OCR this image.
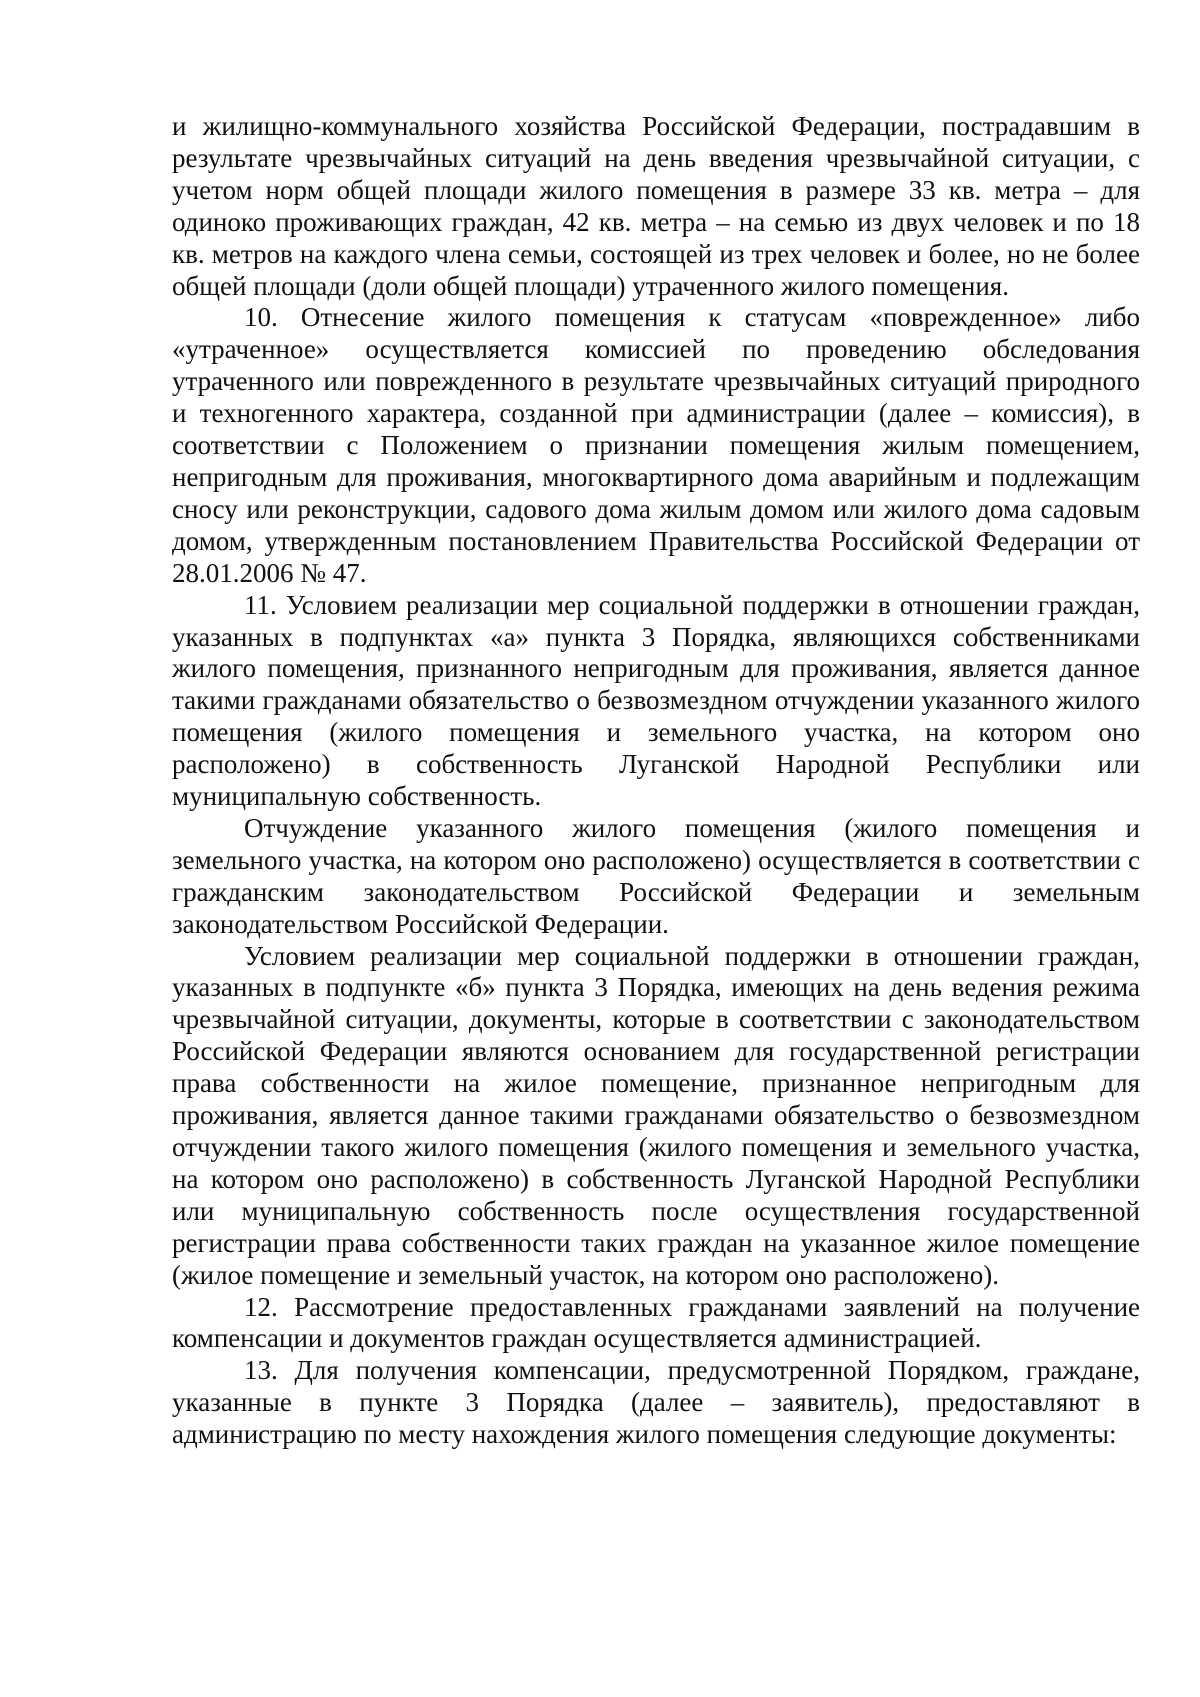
и жилищно-коммунального хозяйства Российской Федерации, пострадавшим в результате чрезвычайных ситуаций на день введения чрезвычайной ситуации, с учетом норм общей площади жилого помещения в размере 33 кв. метра – для одиноко проживающих граждан, 42 кв. метра – на семью из двух человек и по 18 кв. метров на каждого члена семьи, состоящей из трех человек и более, но не более общей площади (доли общей площади) утраченного жилого помещения.

10. Отнесение жилого помещения к статусам «поврежденное» либо «утраченное» осуществляется комиссией по проведению обследования утраченного или поврежденного в результате чрезвычайных ситуаций природного и техногенного характера, созданной при администрации (далее – комиссия), в соответствии с Положением о признании помещения жилым помещением, непригодным для проживания, многоквартирного дома аварийным и подлежащим сносу или реконструкции, садового дома жилым домом или жилого дома садовым домом, утвержденным постановлением Правительства Российской Федерации от 28.01.2006 № 47.

11. Условием реализации мер социальной поддержки в отношении граждан, указанных в подпунктах «а» пункта 3 Порядка, являющихся собственниками жилого помещения, признанного непригодным для проживания, является данное такими гражданами обязательство о безвозмездном отчуждении указанного жилого помещения (жилого помещения и земельного участка, на котором оно расположено) в собственность Луганской Народной Республики или муниципальную собственность.

Отчуждение указанного жилого помещения (жилого помещения и земельного участка, на котором оно расположено) осуществляется в соответствии с гражданским законодательством Российской Федерации и земельным законодательством Российской Федерации.

Условием реализации мер социальной поддержки в отношении граждан, указанных в подпункте «б» пункта 3 Порядка, имеющих на день ведения режима чрезвычайной ситуации, документы, которые в соответствии с законодательством Российской Федерации являются основанием для государственной регистрации права собственности на жилое помещение, признанное непригодным для проживания, является данное такими гражданами обязательство о безвозмездном отчуждении такого жилого помещения (жилого помещения и земельного участка, на котором оно расположено) в собственность Луганской Народной Республики или муниципальную собственность после осуществления государственной регистрации права собственности таких граждан на указанное жилое помещение (жилое помещение и земельный участок, на котором оно расположено).

12. Рассмотрение предоставленных гражданами заявлений на получение компенсации и документов граждан осуществляется администрацией.

13. Для получения компенсации, предусмотренной Порядком, граждане, указанные в пункте 3 Порядка (далее – заявитель), предоставляют в администрацию по месту нахождения жилого помещения следующие документы:
